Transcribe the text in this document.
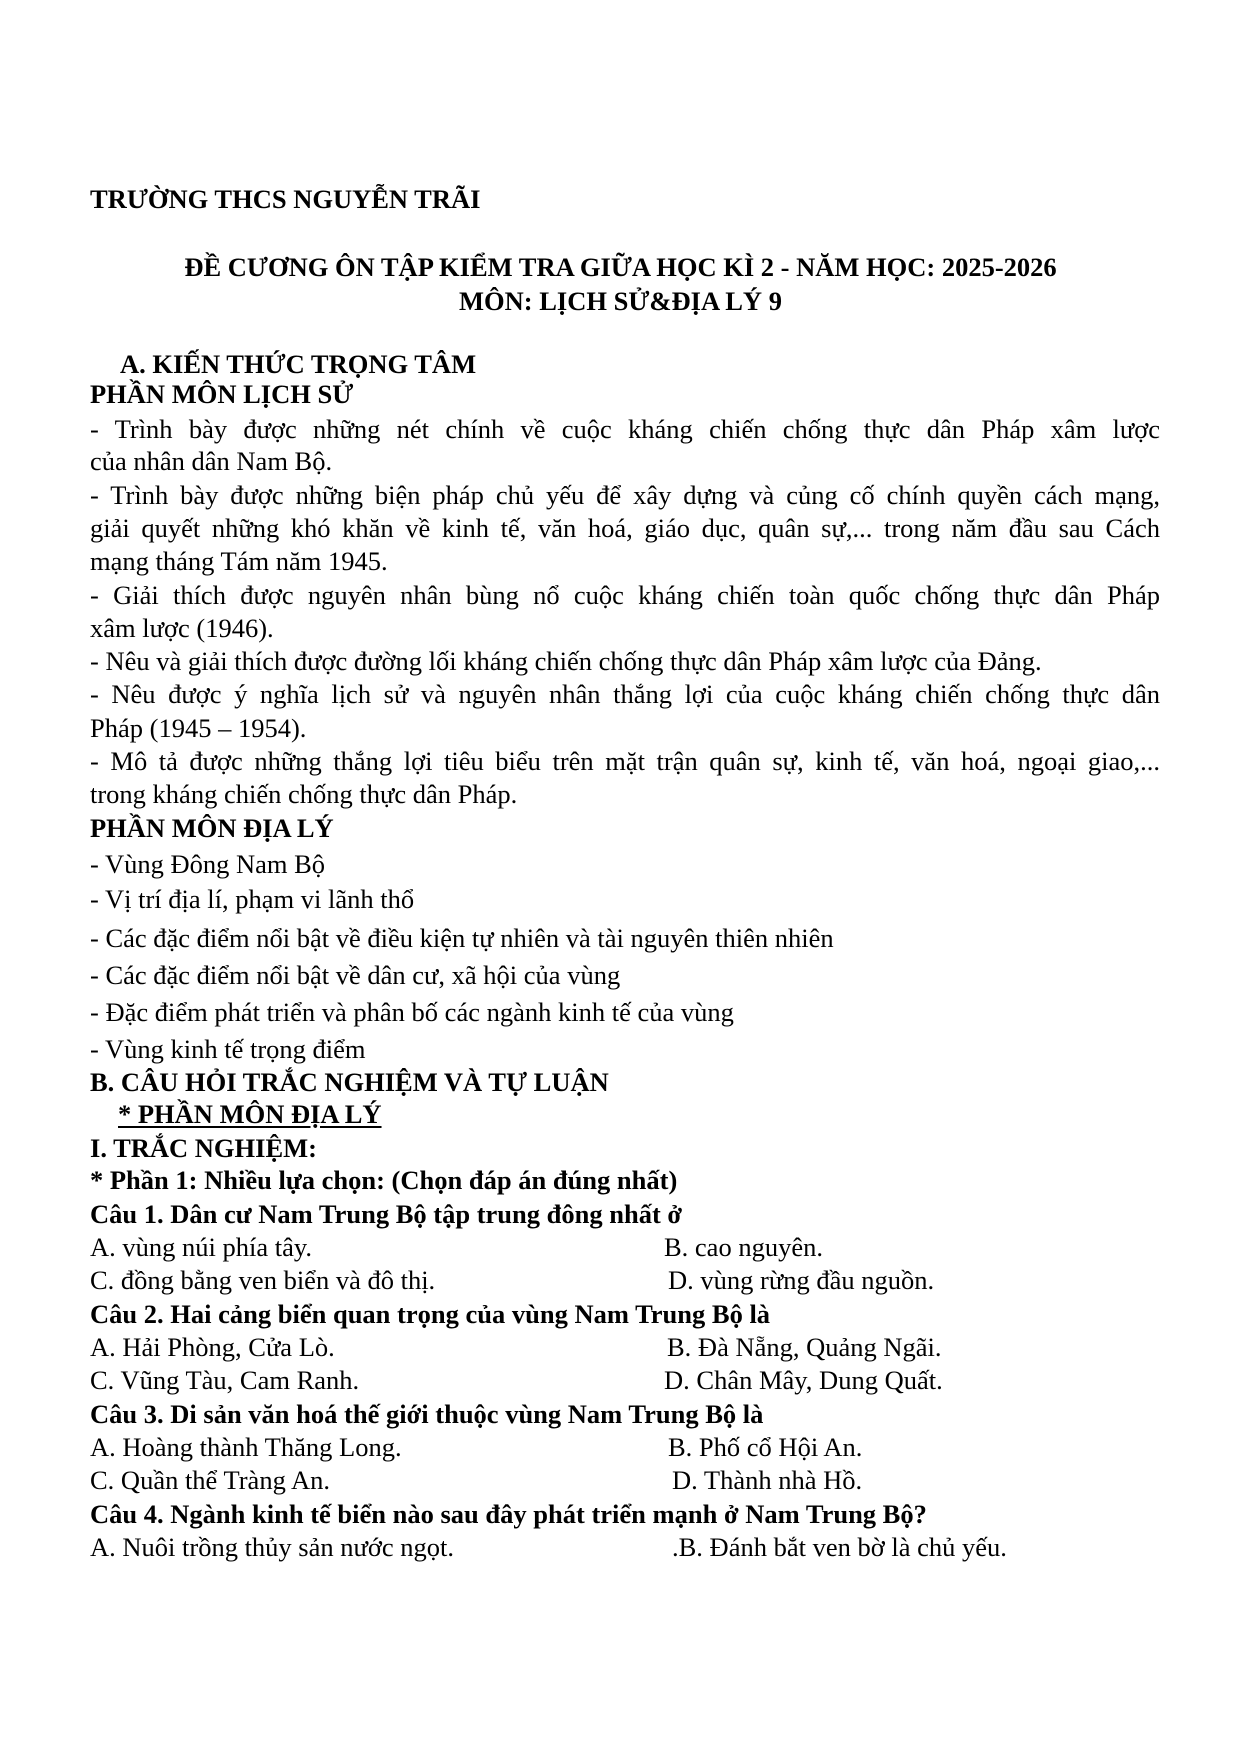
TRƯỜNG THCS NGUYỄN TRÃI
ĐỀ CƯƠNG ÔN TẬP KIỂM TRA GIỮA HỌC KÌ 2 - NĂM HỌC: 2025-2026
MÔN: LỊCH SỬ&ĐỊA LÝ 9
A. KIẾN THỨC TRỌNG TÂM
PHẦN MÔN LỊCH SỬ
- Trình bày được những nét chính về cuộc kháng chiến chống thực dân Pháp xâm lược
của nhân dân Nam Bộ.
- Trình bày được những biện pháp chủ yếu để xây dựng và củng cố chính quyền cách mạng,
giải quyết những khó khăn về kinh tế, văn hoá, giáo dục, quân sự,... trong năm đầu sau Cách
mạng tháng Tám năm 1945.
- Giải thích được nguyên nhân bùng nổ cuộc kháng chiến toàn quốc chống thực dân Pháp
xâm lược (1946).
- Nêu và giải thích được đường lối kháng chiến chống thực dân Pháp xâm lược của Đảng.
- Nêu được ý nghĩa lịch sử và nguyên nhân thắng lợi của cuộc kháng chiến chống thực dân
Pháp (1945 – 1954).
- Mô tả được những thắng lợi tiêu biểu trên mặt trận quân sự, kinh tế, văn hoá, ngoại giao,...
trong kháng chiến chống thực dân Pháp.
PHẦN MÔN ĐỊA LÝ
- Vùng Đông Nam Bộ
- Vị trí địa lí, phạm vi lãnh thổ
- Các đặc điểm nổi bật về điều kiện tự nhiên và tài nguyên thiên nhiên
- Các đặc điểm nổi bật về dân cư, xã hội của vùng
- Đặc điểm phát triển và phân bố các ngành kinh tế của vùng
- Vùng kinh tế trọng điểm
B. CÂU HỎI TRẮC NGHIỆM VÀ TỰ LUẬN
* PHẦN MÔN ĐỊA LÝ
I. TRẮC NGHIỆM:
* Phần 1: Nhiều lựa chọn: (Chọn đáp án đúng nhất)
Câu 1. Dân cư Nam Trung Bộ tập trung đông nhất ở
A. vùng núi phía tây.	B. cao nguyên.
C. đồng bằng ven biển và đô thị.	D. vùng rừng đầu nguồn.
Câu 2. Hai cảng biển quan trọng của vùng Nam Trung Bộ là
A. Hải Phòng, Cửa Lò.	B. Đà Nẵng, Quảng Ngãi.
C. Vũng Tàu, Cam Ranh.	D. Chân Mây, Dung Quất.
Câu 3. Di sản văn hoá thế giới thuộc vùng Nam Trung Bộ là
A. Hoàng thành Thăng Long.	B. Phố cổ Hội An.
C. Quần thể Tràng An.	D. Thành nhà Hồ.
Câu 4. Ngành kinh tế biển nào sau đây phát triển mạnh ở Nam Trung Bộ?
A. Nuôi trồng thủy sản nước ngọt.	.B. Đánh bắt ven bờ là chủ yếu.
